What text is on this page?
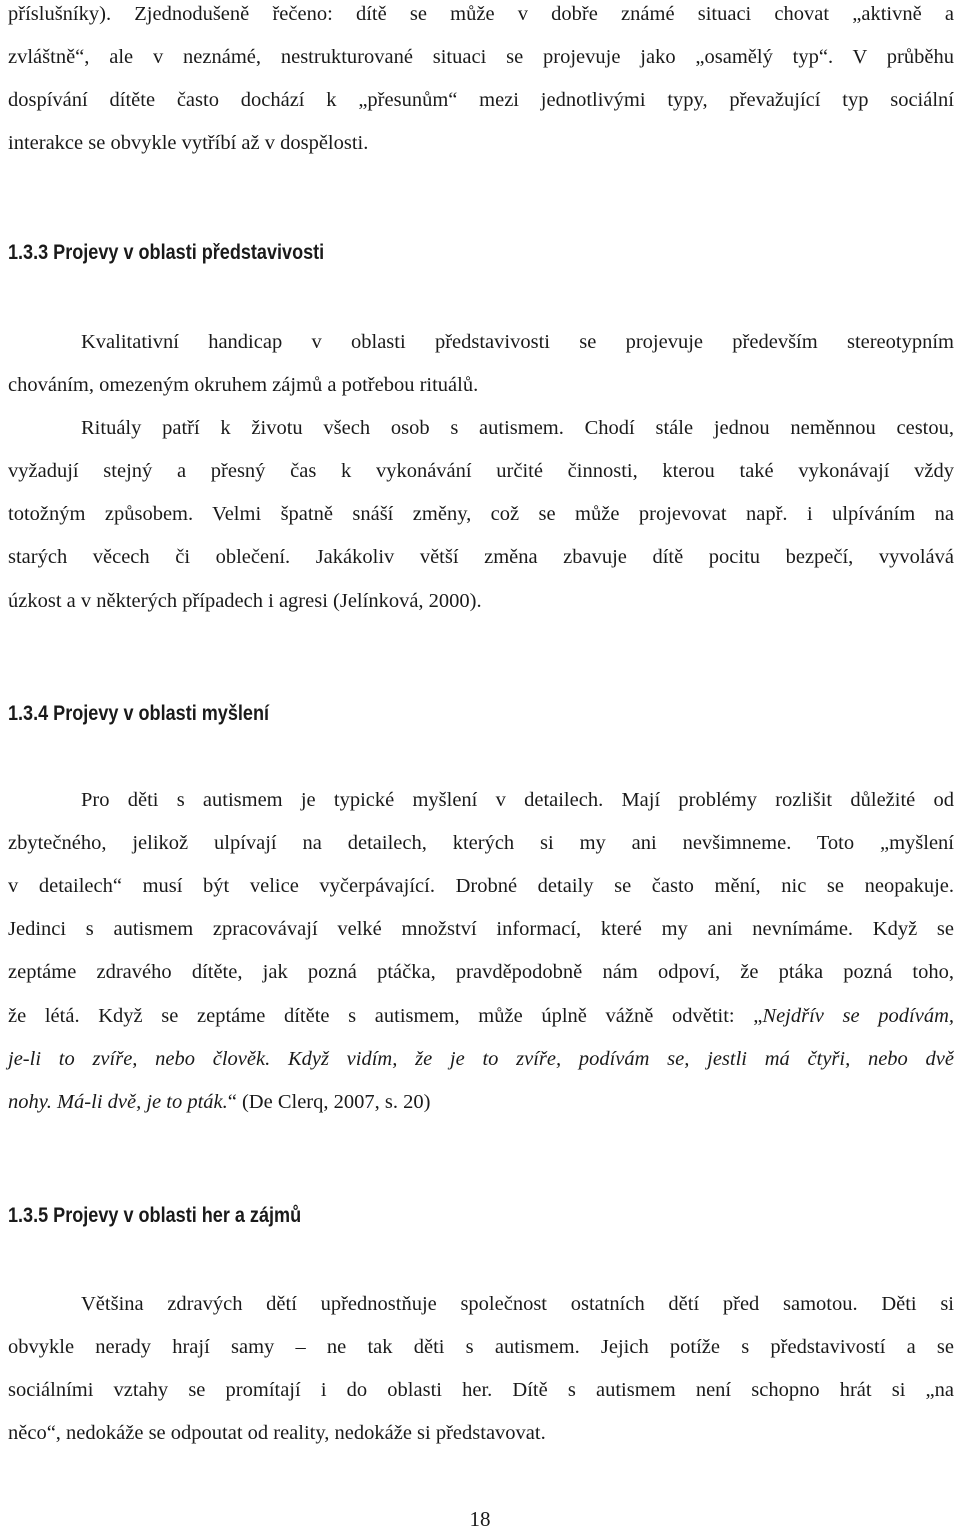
příslušníky). Zjednodušeně řečeno: dítě se může v dobře známé situaci chovat „aktivně a
zvláštně“, ale v neznámé, nestrukturované situaci se projevuje jako „osamělý typ“. V průběhu
dospívání dítěte často dochází k „přesunům“ mezi jednotlivými typy, převažující typ sociální
interakce se obvykle vytříbí až v dospělosti.
1.3.3 Projevy v oblasti představivosti
Kvalitativní handicap v oblasti představivosti se projevuje především stereotypním
chováním, omezeným okruhem zájmů a potřebou rituálů.
Rituály patří k životu všech osob s autismem. Chodí stále jednou neměnnou cestou,
vyžadují stejný a přesný čas k vykonávání určité činnosti, kterou také vykonávají vždy
totožným způsobem. Velmi špatně snáší změny, což se může projevovat např. i ulpíváním na
starých věcech či oblečení. Jakákoliv větší změna zbavuje dítě pocitu bezpečí, vyvolává
úzkost a v některých případech i agresi (Jelínková, 2000).
1.3.4 Projevy v oblasti myšlení
Pro děti s autismem je typické myšlení v detailech. Mají problémy rozlišit důležité od
zbytečného, jelikož ulpívají na detailech, kterých si my ani nevšimneme. Toto „myšlení
v detailech“ musí být velice vyčerpávající. Drobné detaily se často mění, nic se neopakuje.
Jedinci s autismem zpracovávají velké množství informací, které my ani nevnímáme. Když se
zeptáme zdravého dítěte, jak pozná ptáčka, pravděpodobně nám odpoví, že ptáka pozná toho,
že létá. Když se zeptáme dítěte s autismem, může úplně vážně odvětit: „Nejdřív se podívám,
je-li to zvíře, nebo člověk. Když vidím, že je to zvíře, podívám se, jestli má čtyři, nebo dvě
nohy. Má-li dvě, je to pták.“ (De Clerq, 2007, s. 20)
1.3.5 Projevy v oblasti her a zájmů
Většina zdravých dětí upřednostňuje společnost ostatních dětí před samotou. Děti si
obvykle nerady hrají samy – ne tak děti s autismem. Jejich potíže s představivostí a se
sociálními vztahy se promítají i do oblasti her. Dítě s autismem není schopno hrát si „na
něco“, nedokáže se odpoutat od reality, nedokáže si představovat.
18
